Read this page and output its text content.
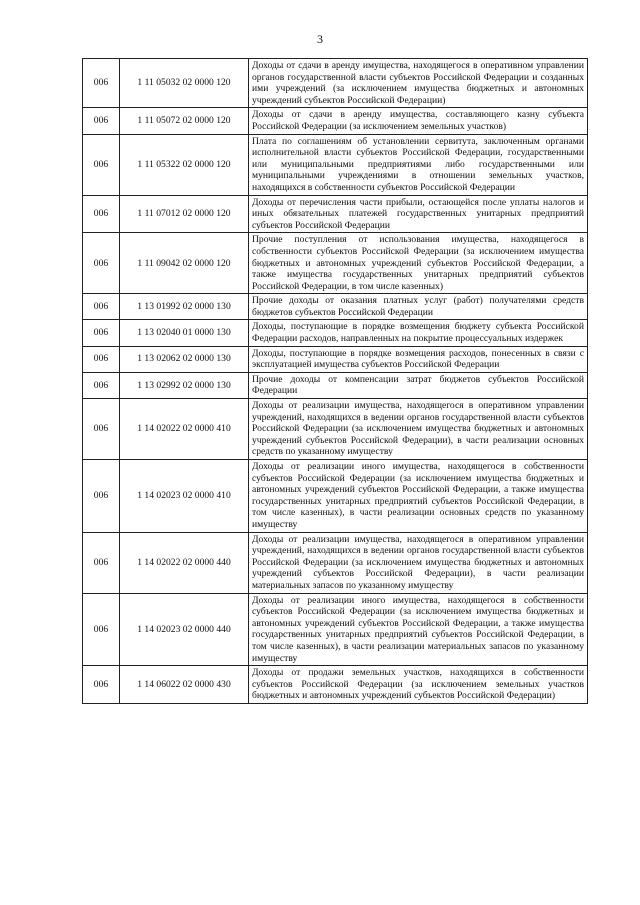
3
006	1 11 05032 02 0000 120	Доходы от сдачи в аренду имущества, находящегося в оперативном управлении органов государственной власти субъектов Российской Федерации и созданных ими учреждений (за исключением имущества бюджетных и автономных учреждений субъектов Российской Федерации)
006	1 11 05072 02 0000 120	Доходы от сдачи в аренду имущества, составляющего казну субъекта Российской Федерации (за исключением земельных участков)
006	1 11 05322 02 0000 120	Плата по соглашениям об установлении сервитута, заключенным органами исполнительной власти субъектов Российской Федерации, государственными или муниципальными предприятиями либо государственными или муниципальными учреждениями в отношении земельных участков, находящихся в собственности субъектов Российской Федерации
006	1 11 07012 02 0000 120	Доходы от перечисления части прибыли, остающейся после уплаты налогов и иных обязательных платежей государственных унитарных предприятий субъектов Российской Федерации
006	1 11 09042 02 0000 120	Прочие поступления от использования имущества, находящегося в собственности субъектов Российской Федерации (за исключением имущества бюджетных и автономных учреждений субъектов Российской Федерации, а также имущества государственных унитарных предприятий субъектов Российской Федерации, в том числе казенных)
006	1 13 01992 02 0000 130	Прочие доходы от оказания платных услуг (работ) получателями средств бюджетов субъектов Российской Федерации
006	1 13 02040 01 0000 130	Доходы, поступающие в порядке возмещения бюджету субъекта Российской Федерации расходов, направленных на покрытие процессуальных издержек
006	1 13 02062 02 0000 130	Доходы, поступающие в порядке возмещения расходов, понесенных в связи с эксплуатацией имущества субъектов Российской Федерации
006	1 13 02992 02 0000 130	Прочие доходы от компенсации затрат бюджетов субъектов Российской Федерации
006	1 14 02022 02 0000 410	Доходы от реализации имущества, находящегося в оперативном управлении учреждений, находящихся в ведении органов государственной власти субъектов Российской Федерации (за исключением имущества бюджетных и автономных учреждений субъектов Российской Федерации), в части реализации основных средств по указанному имуществу
006	1 14 02023 02 0000 410	Доходы от реализации иного имущества, находящегося в собственности субъектов Российской Федерации (за исключением имущества бюджетных и автономных учреждений субъектов Российской Федерации, а также имущества государственных унитарных предприятий субъектов Российской Федерации, в том числе казенных), в части реализации основных средств по указанному имуществу
006	1 14 02022 02 0000 440	Доходы от реализации имущества, находящегося в оперативном управлении учреждений, находящихся в ведении органов государственной власти субъектов Российской Федерации (за исключением имущества бюджетных и автономных учреждений субъектов Российской Федерации), в части реализации материальных запасов по указанному имуществу
006	1 14 02023 02 0000 440	Доходы от реализации иного имущества, находящегося в собственности субъектов Российской Федерации (за исключением имущества бюджетных и автономных учреждений субъектов Российской Федерации, а также имущества государственных унитарных предприятий субъектов Российской Федерации, в том числе казенных), в части реализации материальных запасов по указанному имуществу
006	1 14 06022 02 0000 430	Доходы от продажи земельных участков, находящихся в собственности субъектов Российской Федерации (за исключением земельных участков бюджетных и автономных учреждений субъектов Российской Федерации)
